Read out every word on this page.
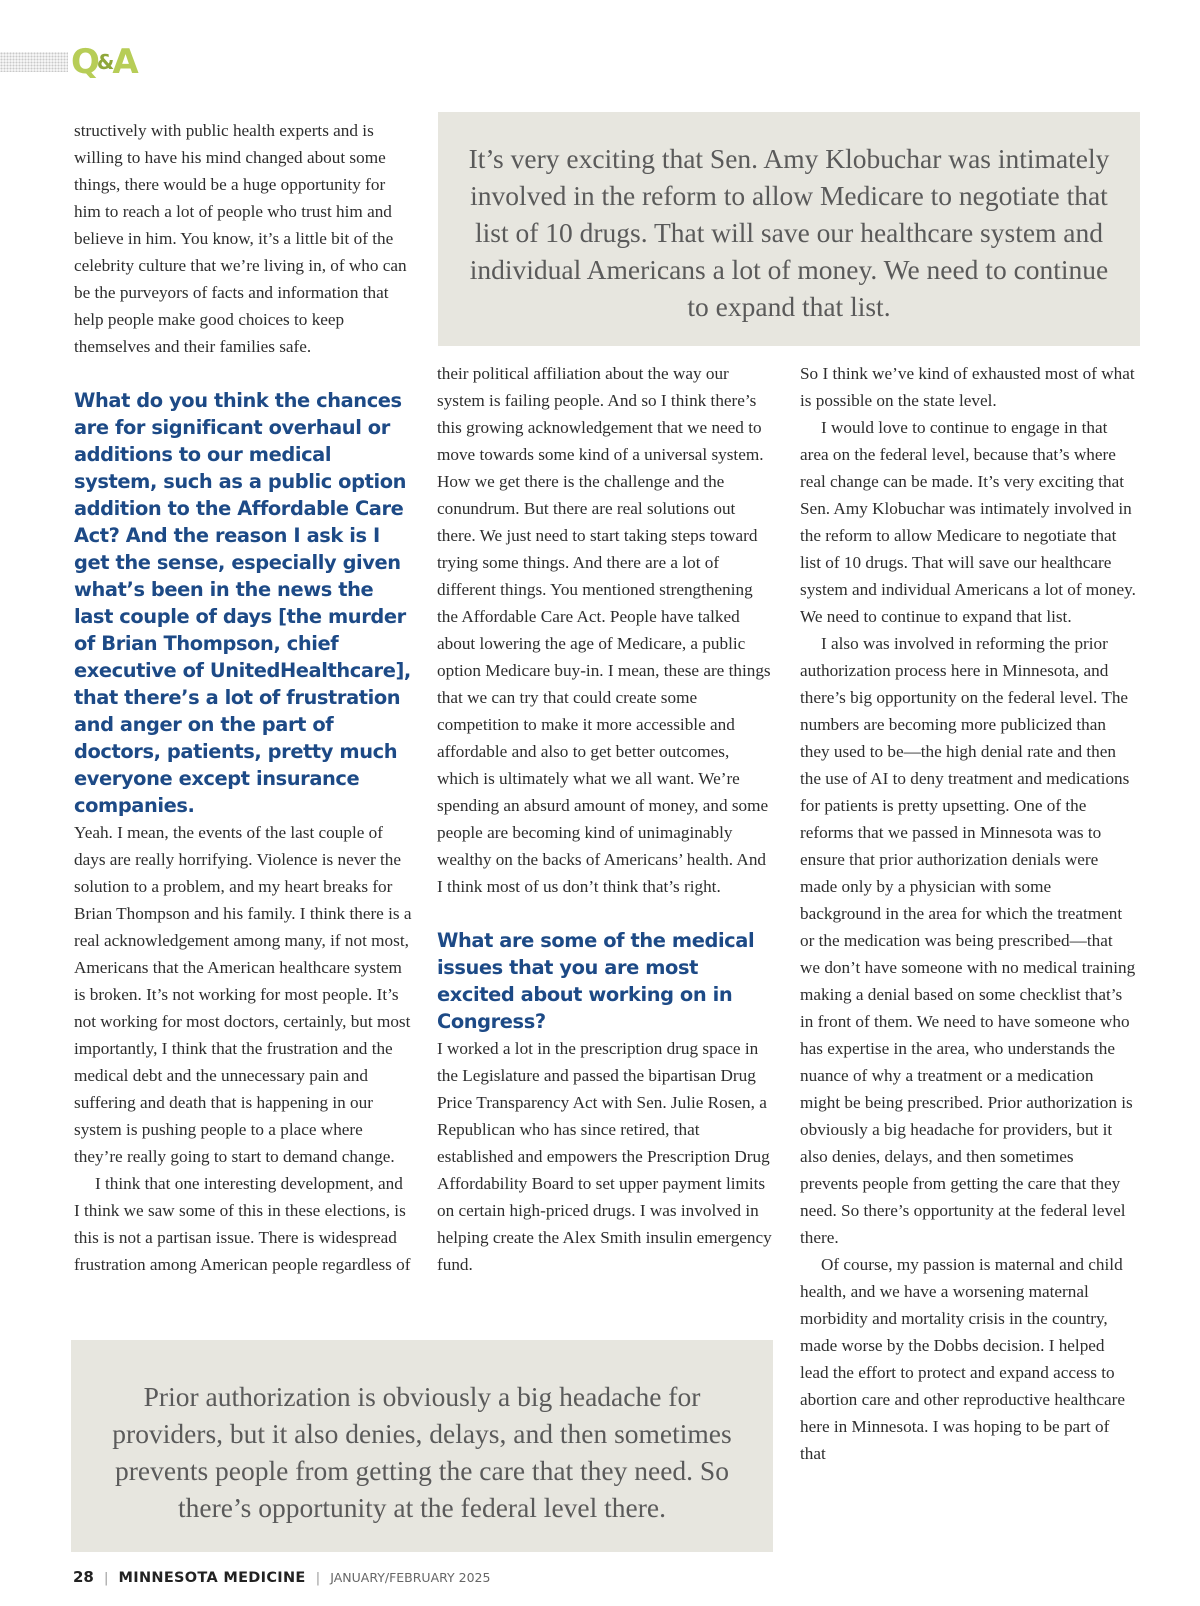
Q&A
It’s very exciting that Sen. Amy Klobuchar was intimately involved in the reform to allow Medicare to negotiate that list of 10 drugs. That will save our healthcare system and individual Americans a lot of money. We need to continue to expand that list.

structively with public health experts and is willing to have his mind changed about some things, there would be a huge opportunity for him to reach a lot of people who trust him and believe in him. You know, it’s a little bit of the celebrity culture that we’re living in, of who can be the purveyors of facts and information that help people make good choices to keep themselves and their families safe.

What do you think the chances are for significant overhaul or additions to our medical system, such as a public option addition to the Affordable Care Act? And the reason I ask is I get the sense, especially given what’s been in the news the last couple of days [the murder of Brian Thompson, chief executive of UnitedHealthcare], that there’s a lot of frustration and anger on the part of doctors, patients, pretty much everyone except insurance companies.

Yeah. I mean, the events of the last couple of days are really horrifying. Violence is never the solution to a problem, and my heart breaks for Brian Thompson and his family. I think there is a real acknowledgement among many, if not most, Americans that the American healthcare system is broken. It’s not working for most people. It’s not working for most doctors, certainly, but most importantly, I think that the frustration and the medical debt and the unnecessary pain and suffering and death that is happening in our system is pushing people to a place where they’re really going to start to demand change.

I think that one interesting development, and I think we saw some of this in these elections, is this is not a partisan issue. There is widespread frustration among American people regardless of

their political affiliation about the way our system is failing people. And so I think there’s this growing acknowledgement that we need to move towards some kind of a universal system. How we get there is the challenge and the conundrum. But there are real solutions out there. We just need to start taking steps toward trying some things. And there are a lot of different things. You mentioned strengthening the Affordable Care Act. People have talked about lowering the age of Medicare, a public option Medicare buy-in. I mean, these are things that we can try that could create some competition to make it more accessible and affordable and also to get better outcomes, which is ultimately what we all want. We’re spending an absurd amount of money, and some people are becoming kind of unimaginably wealthy on the backs of Americans’ health. And I think most of us don’t think that’s right.

What are some of the medical issues that you are most excited about working on in Congress?

I worked a lot in the prescription drug space in the Legislature and passed the bipartisan Drug Price Transparency Act with Sen. Julie Rosen, a Republican who has since retired, that established and empowers the Prescription Drug Affordability Board to set upper payment limits on certain high-priced drugs. I was involved in helping create the Alex Smith insulin emergency fund.

So I think we’ve kind of exhausted most of what is possible on the state level.

I would love to continue to engage in that area on the federal level, because that’s where real change can be made. It’s very exciting that Sen. Amy Klobuchar was intimately involved in the reform to allow Medicare to negotiate that list of 10 drugs. That will save our healthcare system and individual Americans a lot of money. We need to continue to expand that list.

I also was involved in reforming the prior authorization process here in Minnesota, and there’s big opportunity on the federal level. The numbers are becoming more publicized than they used to be—the high denial rate and then the use of AI to deny treatment and medications for patients is pretty upsetting. One of the reforms that we passed in Minnesota was to ensure that prior authorization denials were made only by a physician with some background in the area for which the treatment or the medication was being prescribed—that we don’t have someone with no medical training making a denial based on some checklist that’s in front of them. We need to have someone who has expertise in the area, who understands the nuance of why a treatment or a medication might be being prescribed. Prior authorization is obviously a big headache for providers, but it also denies, delays, and then sometimes prevents people from getting the care that they need. So there’s opportunity at the federal level there.

Of course, my passion is maternal and child health, and we have a worsening maternal morbidity and mortality crisis in the country, made worse by the Dobbs decision. I helped lead the effort to protect and expand access to abortion care and other reproductive healthcare here in Minnesota. I was hoping to be part of that

Prior authorization is obviously a big headache for providers, but it also denies, delays, and then sometimes prevents people from getting the care that they need. So there’s opportunity at the federal level there.
28 | MINNESOTA MEDICINE | JANUARY/FEBRUARY 2025
